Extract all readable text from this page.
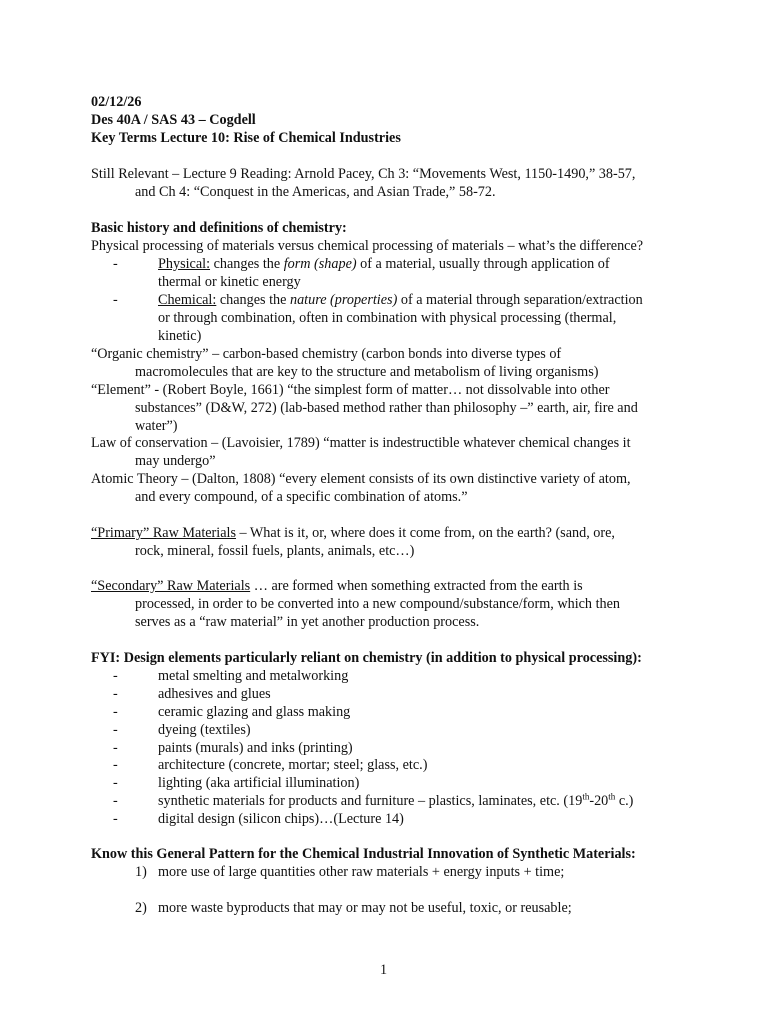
02/12/26
Des 40A / SAS 43 – Cogdell
Key Terms Lecture 10: Rise of Chemical Industries
Still Relevant – Lecture 9 Reading: Arnold Pacey, Ch 3: “Movements West, 1150-1490,” 38-57,
and Ch 4: “Conquest in the Americas, and Asian Trade,” 58-72.
Basic history and definitions of chemistry:
Physical processing of materials versus chemical processing of materials – what’s the difference?
-	Physical: changes the form (shape) of a material, usually through application of
thermal or kinetic energy
-	Chemical: changes the nature (properties) of a material through separation/extraction
or through combination, often in combination with physical processing (thermal,
kinetic)
“Organic chemistry” – carbon-based chemistry (carbon bonds into diverse types of
macromolecules that are key to the structure and metabolism of living organisms)
“Element” - (Robert Boyle, 1661) “the simplest form of matter… not dissolvable into other
substances” (D&W, 272) (lab-based method rather than philosophy –” earth, air, fire and
water”)
Law of conservation – (Lavoisier, 1789) “matter is indestructible whatever chemical changes it
may undergo”
Atomic Theory – (Dalton, 1808) “every element consists of its own distinctive variety of atom,
and every compound, of a specific combination of atoms.”
“Primary” Raw Materials – What is it, or, where does it come from, on the earth? (sand, ore,
rock, mineral, fossil fuels, plants, animals, etc…)
“Secondary” Raw Materials … are formed when something extracted from the earth is
processed, in order to be converted into a new compound/substance/form, which then
serves as a “raw material” in yet another production process.
FYI: Design elements particularly reliant on chemistry (in addition to physical processing):
-	metal smelting and metalworking
-	adhesives and glues
-	ceramic glazing and glass making
-	dyeing (textiles)
-	paints (murals) and inks (printing)
-	architecture (concrete, mortar; steel; glass, etc.)
-	lighting (aka artificial illumination)
-	synthetic materials for products and furniture – plastics, laminates, etc. (19th-20th c.)
-	digital design (silicon chips)…(Lecture 14)
Know this General Pattern for the Chemical Industrial Innovation of Synthetic Materials:
1) more use of large quantities other raw materials + energy inputs + time;
2) more waste byproducts that may or may not be useful, toxic, or reusable;
1
